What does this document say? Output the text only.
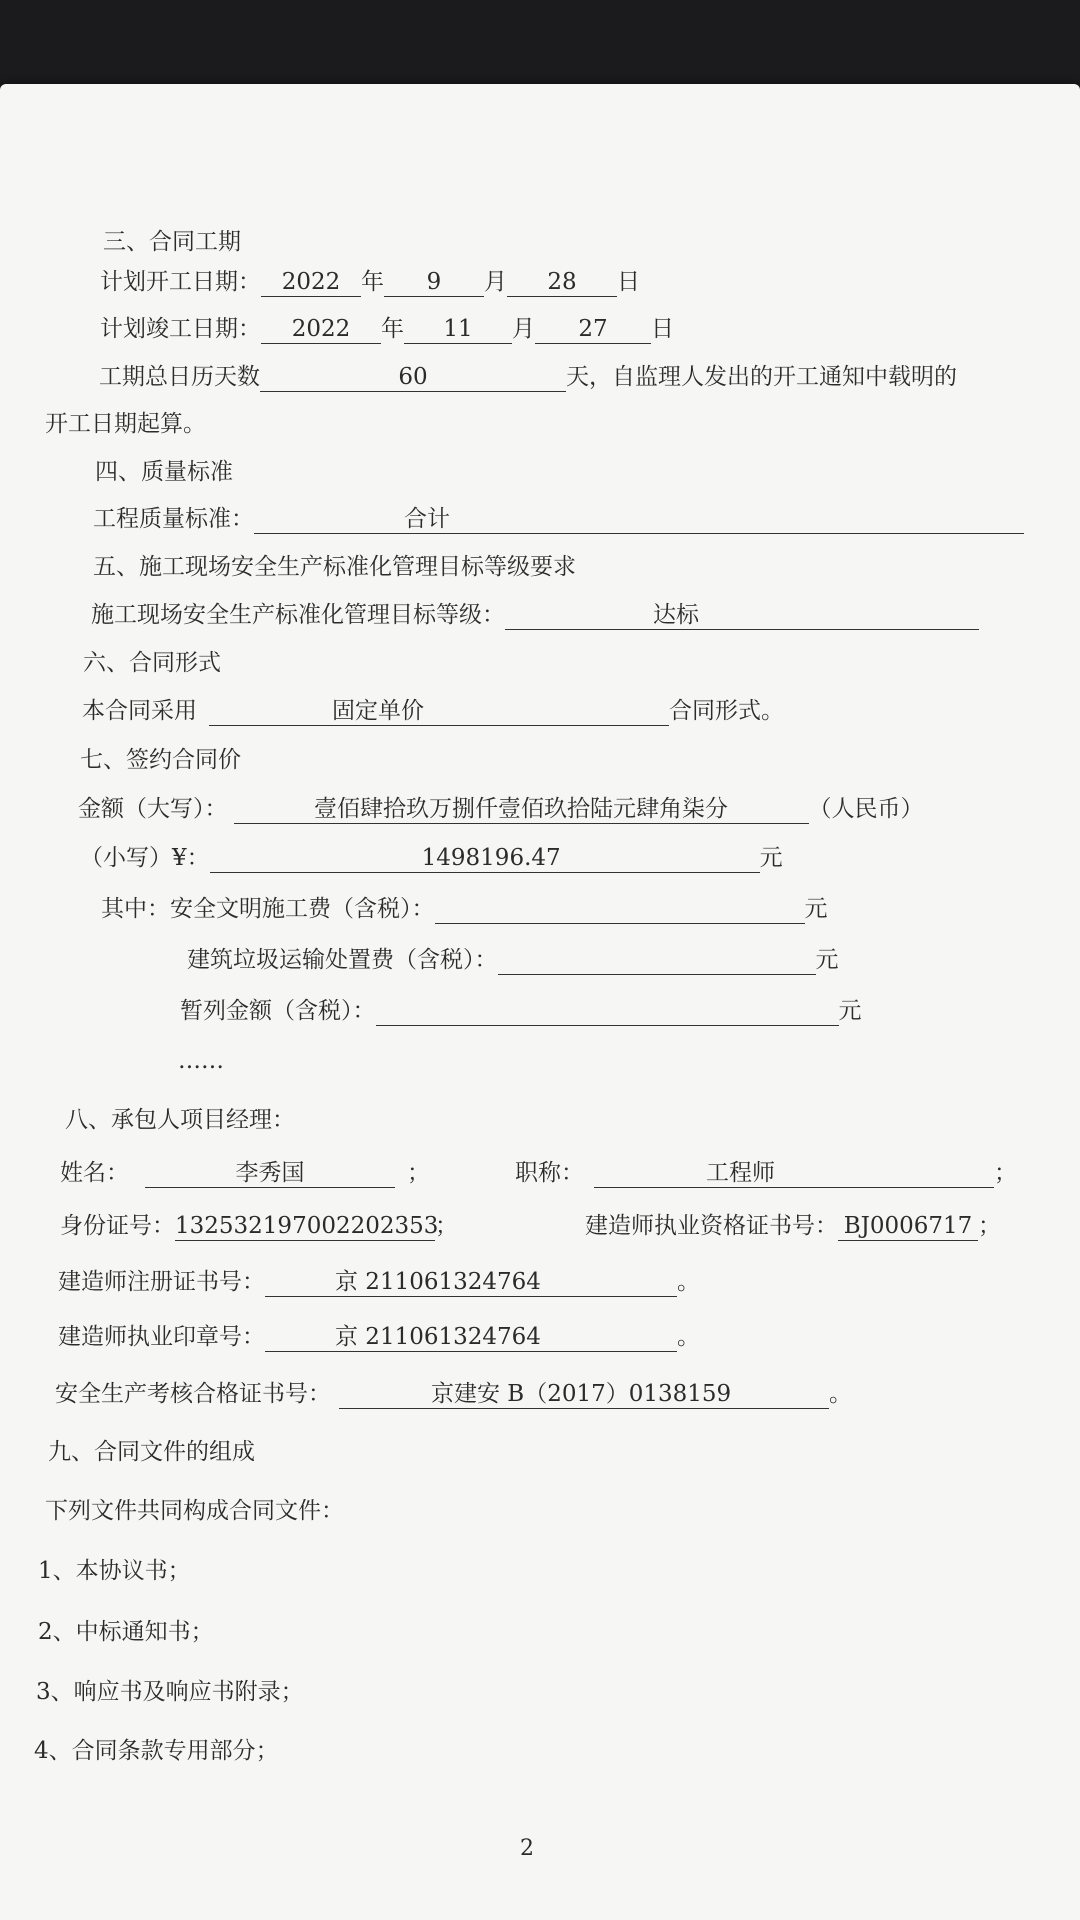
三、合同工期
计划开工日期： 2022 年 9 月 28 日
计划竣工日期： 2022 年 11 月 27 日
工期总日历天数	60	天，自监理人发出的开工通知中载明的
开工日期起算。
四、质量标准
工程质量标准：	合计
五、施工现场安全生产标准化管理目标等级要求
施工现场安全生产标准化管理目标等级：	达标
六、合同形式
本合同采用	固定单价	合同形式。
七、签约合同价
金额（大写）：	壹佰肆拾玖万捌仟壹佰玖拾陆元肆角柒分	（人民币）
（小写）¥：	1498196.47	元
其中：安全文明施工费（含税）：	元
建筑垃圾运输处置费（含税）：	元
暂列金额（含税）：	元
……
八、承包人项目经理：
姓名：	李秀国	；	职称：	工程师	；
身份证号：132532197002202353；	建造师执业资格证书号： BJ0006717 ；
建造师注册证书号：	京 211061324764	。
建造师执业印章号：	京 211061324764	。
安全生产考核合格证书号：	京建安 B（2017）0138159	。
九、合同文件的组成
下列文件共同构成合同文件：
1、本协议书；
2、中标通知书；
3、响应书及响应书附录；
4、合同条款专用部分；
2
